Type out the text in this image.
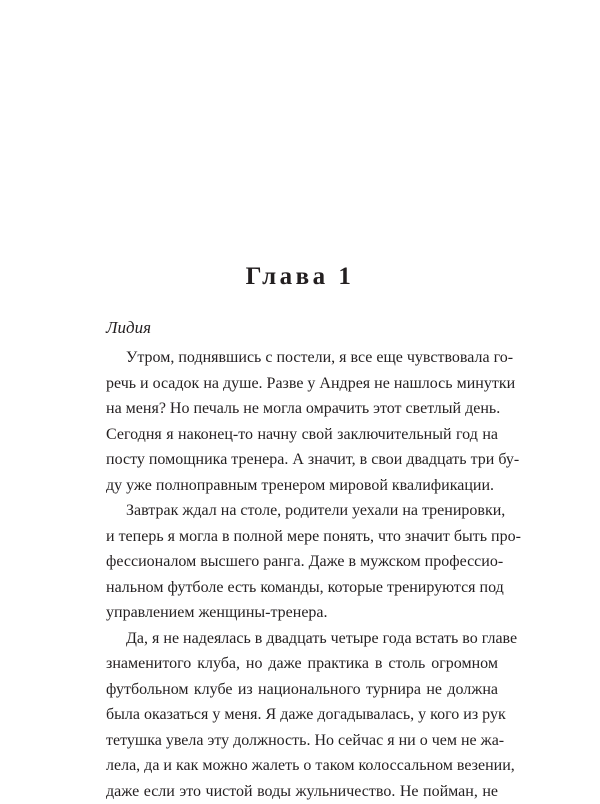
Глава 1

Лидия

Утром, поднявшись с постели, я все еще чувствовала го-
речь и осадок на душе. Разве у Андрея не нашлось минутки
на меня? Но печаль не могла омрачить этот светлый день.
Сегодня я наконец-то начну свой заключительный год на
посту помощника тренера. А значит, в свои двадцать три бу-
ду уже полноправным тренером мировой квалификации.
Завтрак ждал на столе, родители уехали на тренировки,
и теперь я могла в полной мере понять, что значит быть про-
фессионалом высшего ранга. Даже в мужском профессио-
нальном футболе есть команды, которые тренируются под
управлением женщины-тренера.
Да, я не надеялась в двадцать четыре года встать во главе
знаменитого клуба, но даже практика в столь огромном
футбольном клубе из национального турнира не должна
была оказаться у меня. Я даже догадывалась, у кого из рук
тетушка увела эту должность. Но сейчас я ни о чем не жа-
лела, да и как можно жалеть о таком колоссальном везении,
даже если это чистой воды жульничество. Не пойман, не
